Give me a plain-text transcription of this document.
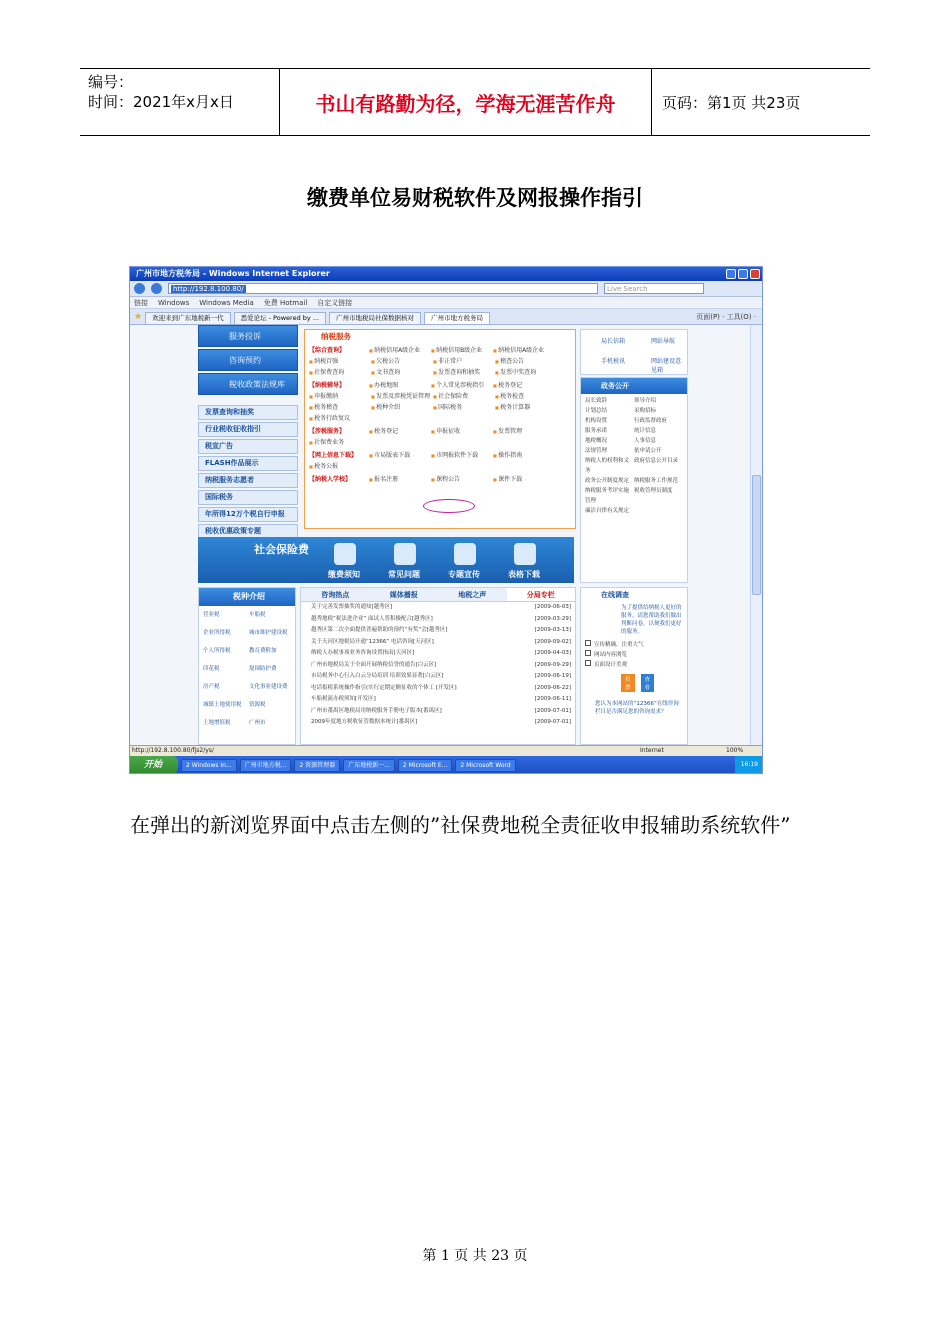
编号：
时间：2021年x月x日	书山有路勤为径，学海无涯苦作舟	页码：第1页 共23页
缴费单位易财税软件及网报操作指引
广州市地方税务局 - Windows Internet Explorer
http://192.8.100.80/	Live Search
链接 Windows Windows Media 免费 Hotmail 自定义链接
★	欢迎来到广东地税新一代	悉爱论坛 - Powered by ...	广州市地税局社保数据核对	广州市地方税务局	页面(P) · 工具(O) ·
服务投诉
咨询预约
税收政策法规库
发票查询和抽奖
行业税收征收指引
税宣广告
FLASH作品展示
纳税服务志愿者
国际税务
年所得12万个税自行申报
税收优惠政策专题
纳税服务
【综合查询】	■ 纳税信用A级企业	■ 纳税信用B级企业	■ 纳税信用A级企业
■ 纳税百强	■ 欠税公告	■ 非正常户	■ 稽查公告
■ 社保费查询	■ 文书查询	■ 发票查询和抽奖	■ 发票中奖查询
【纳税辅导】	■ 办税地图	■ 个人常见涉税指引	■ 税务登记
■ 申报缴纳	■ 发票及涉税凭证管理	■ 社会保险费	■ 税务检查
■ 税务稽查	■ 税种介绍	■ 国际税务	■ 税务计算器
■ 税务行政复议
【涉税服务】	■ 税务登记	■ 申报征收	■ 发票管理
■ 社保费业务
【网上信息下载】	■ 市局版表下载	■ 市网报软件下载	■ 操作指南
■ 税务公报
【纳税人学校】	■ 报名注册	■ 课程公告	■ 课件下载
局长信箱	网站导航
手机税讯	网站建设意见箱
政务公开
局长致辞	领导介绍
计划总结	采购招标
机构设置	行政监督政府
服务承诺	统计信息
地税概况	人事信息
法规管理	依申请公开
纳税人的权利和义务
政府信息公开目录
政务公开制度规定 纳税服务工作规范
纳税服务考评实施管理
税收管理员制度
廉洁自律有关规定
社会保险费
缴费须知	常见问题	专题宣传	表格下载
税种介绍
营业税	车船税
企业所得税	城市维护建设税
个人所得税	教育费附加
印花税	堤围防护费
房产税	文化事业建设费
城镇土地使用税	资源税
土地增值税	广州市
咨询热点	媒体播报	地税之声	分局专栏
关于完善发票抽奖的通知[越秀区]	[2009-06-03]
越秀地税“税法进企业” 面试人普积极配合[越秀区]	[2009-03-29]
越秀区第二次全面提供普遍帮助的预约“有奖”会[越秀区]	[2009-03-13]
关于天河区地税局开通“12366” 电话咨询[天河区]	[2009-09-02]
纳税人办税事项业务咨询设置指南[天河区]	[2009-04-03]
广州市地税局关于全面开展纳税信誉的通告[白云区]	[2009-09-29]
市局税务中心行入白云分局培训 培训效果显著[白云区]	[2009-06-19]
电话报税系统操作指引(实行定期定额征收的个体工 [开发区]	[2009-06-22]
车船税流办税须知[开发区]	[2009-06-11]
广州市番禺区地税局用纳税服务手册电子版本[番禺区]	[2009-07-01]
2009年度地方税收征管数据本统计[番禺区]	[2009-07-01]
在线调查
为了提供给纳税人更好的服务，请您帮助我们做出判断问卷，以便我们更好的服务。
宣传精确，注重大气
网站内容浏览
页面设计美观
投票
查看
您认为本网站的“12366”在线咨询栏目是否满足您的咨询需求？
http://192.8.100.80/fjs2/ys/	Internet	100%
开始	2 Windows In...	广州市地方税...	2 资源管理器	广东地税新一...	2 Microsoft E...	2 Microsoft Word	16:19
在弹出的新浏览界面中点击左侧的”社保费地税全责征收申报辅助系统软件”
第 1 页 共 23 页
